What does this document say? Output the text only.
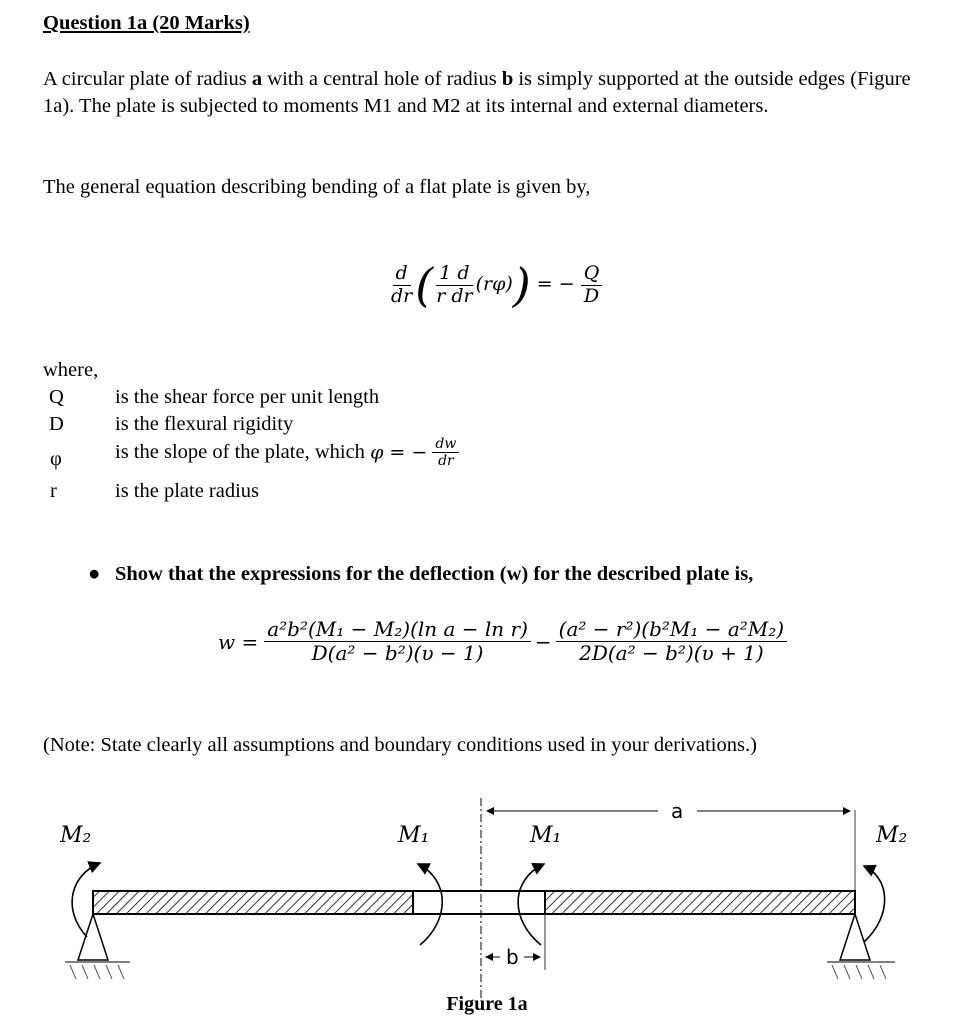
Question 1a (20 Marks)
A circular plate of radius a with a central hole of radius b is simply supported at the outside edges (Figure 1a). The plate is subjected to moments M1 and M2 at its internal and external diameters.
The general equation describing bending of a flat plate is given by,
$\frac{d}{dr}$ ( $\frac{1 d}{\text{r dr}} (r\varphi)$) = − $\frac{Q}{D}$
where,
Q is the shear force per unit length
D is the flexural rigidity
φ	is the slope of the plate, which φ = − $\frac{dw}{dr}$
r	is the plate radius
● Show that the expressions for the deflection (w) for the described plate is,
$w = \frac{\text{a²b²(M₁ − M₂)(ln a − ln r)}}{\text{D(a² − b²)(υ − 1)}} - \frac{\text{(a² − r²)(b²M₁ − a²M₂)}}{\text{2D(a² − b²)(υ + 1)}}$
(Note: State clearly all assumptions and boundary conditions used in your derivations.)
M₂	M₁	M₁	M₂
a
b
Figure 1a
